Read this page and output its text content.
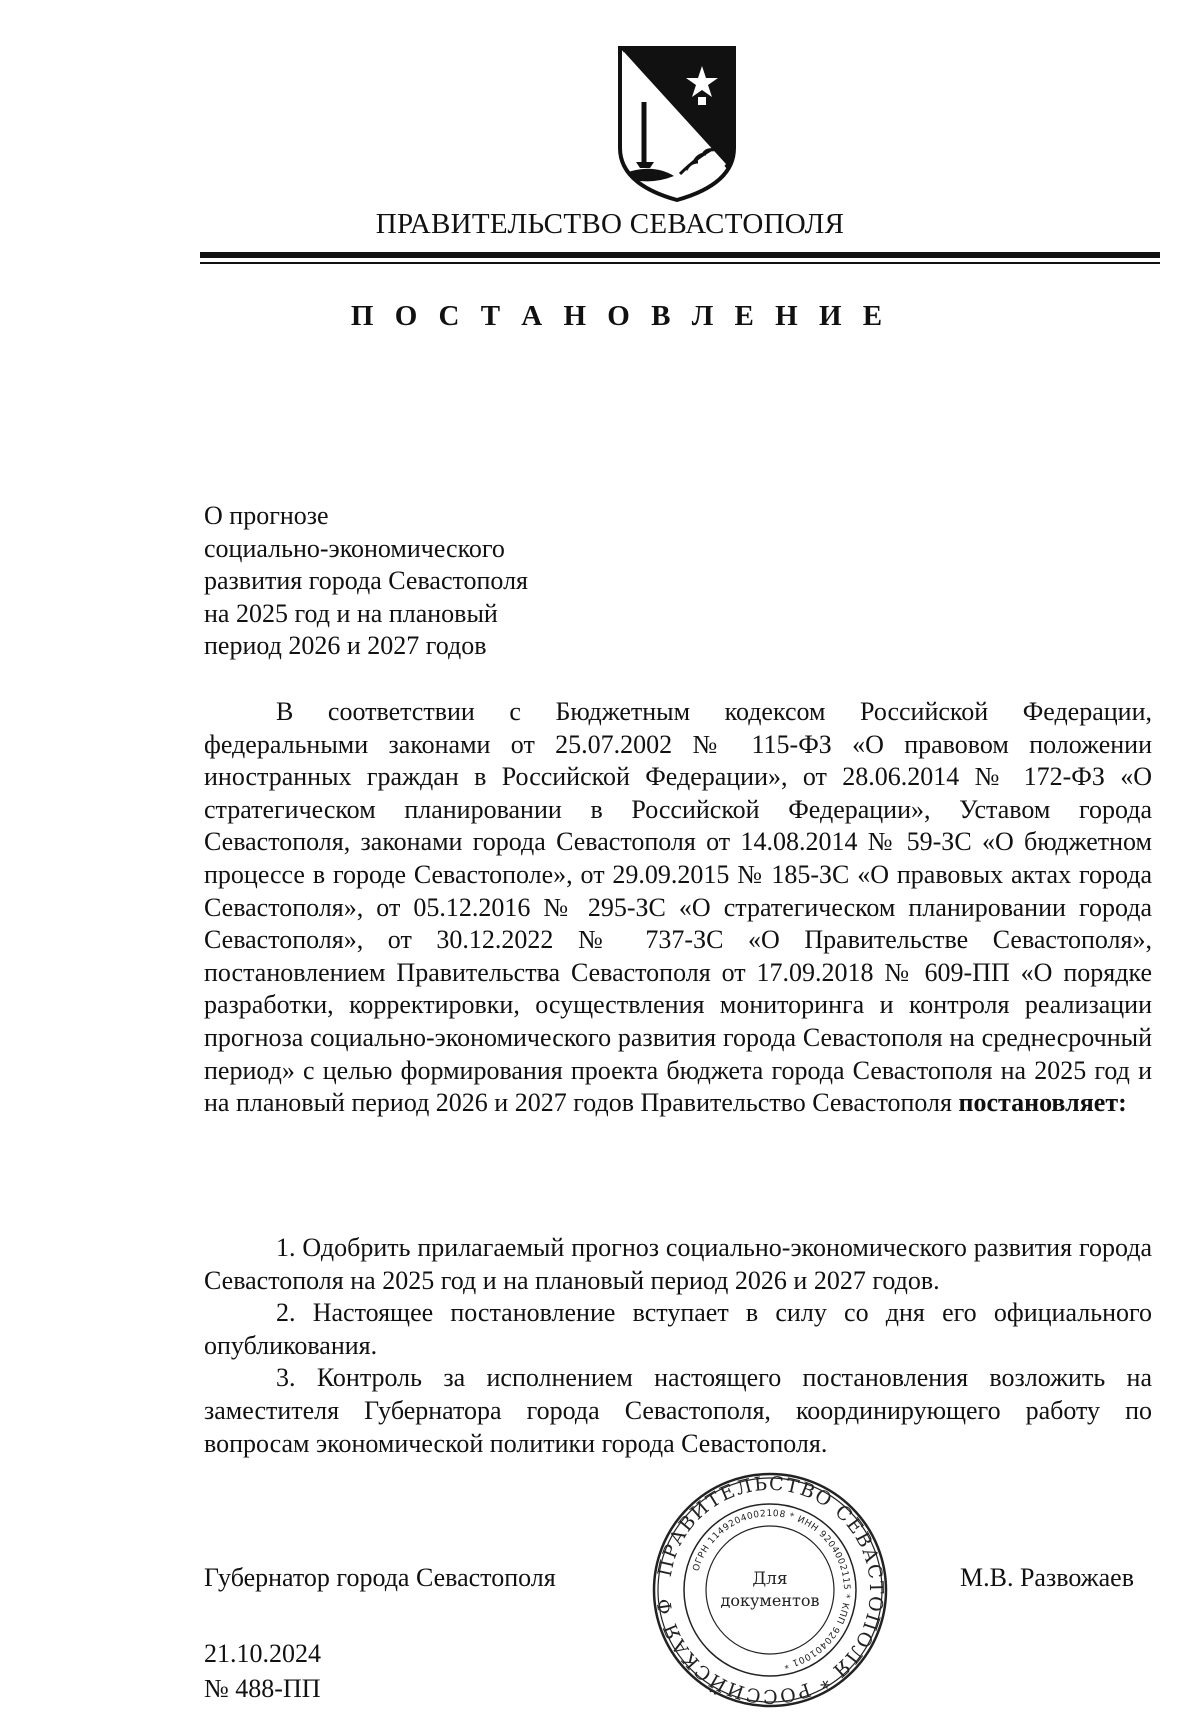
ПРАВИТЕЛЬСТВО СЕВАСТОПОЛЯ
П О С Т А Н О В Л Е Н И Е
О прогнозе
социально-экономического
развития города Севастополя
на 2025 год и на плановый
период 2026 и 2027 годов
В соответствии с Бюджетным кодексом Российской Федерации, федеральными законами от 25.07.2002 № 115-ФЗ «О правовом положении иностранных граждан в Российской Федерации», от 28.06.2014 № 172-ФЗ «О стратегическом планировании в Российской Федерации», Уставом города Севастополя, законами города Севастополя от 14.08.2014 № 59-ЗС «О бюджетном процессе в городе Севастополе», от 29.09.2015 № 185-ЗС «О правовых актах города Севастополя», от 05.12.2016 № 295-ЗС «О стратегическом планировании города Севастополя», от 30.12.2022 № 737-ЗС «О Правительстве Севастополя», постановлением Правительства Севастополя от 17.09.2018 № 609-ПП «О порядке разработки, корректировки, осуществления мониторинга и контроля реализации прогноза социально-экономического развития города Севастополя на среднесрочный период» с целью формирования проекта бюджета города Севастополя на 2025 год и на плановый период 2026 и 2027 годов Правительство Севастополя постановляет:

1. Одобрить прилагаемый прогноз социально-экономического развития города Севастополя на 2025 год и на плановый период 2026 и 2027 годов.

2. Настоящее постановление вступает в силу со дня его официального опубликования.

3. Контроль за исполнением настоящего постановления возложить на заместителя Губернатора города Севастополя, координирующего работу по вопросам экономической политики города Севастополя.

Губернатор города Севастополя	М.В. Развожаев
21.10.2024
№ 488-ПП
ПРАВИТЕЛЬСТВО СЕВАСТОПОЛЯ * РОССИЙСКАЯ Ф
ОГРН 1149204002108 * ИНН 9204002115 * КПП 920401001 *
Для
документов
